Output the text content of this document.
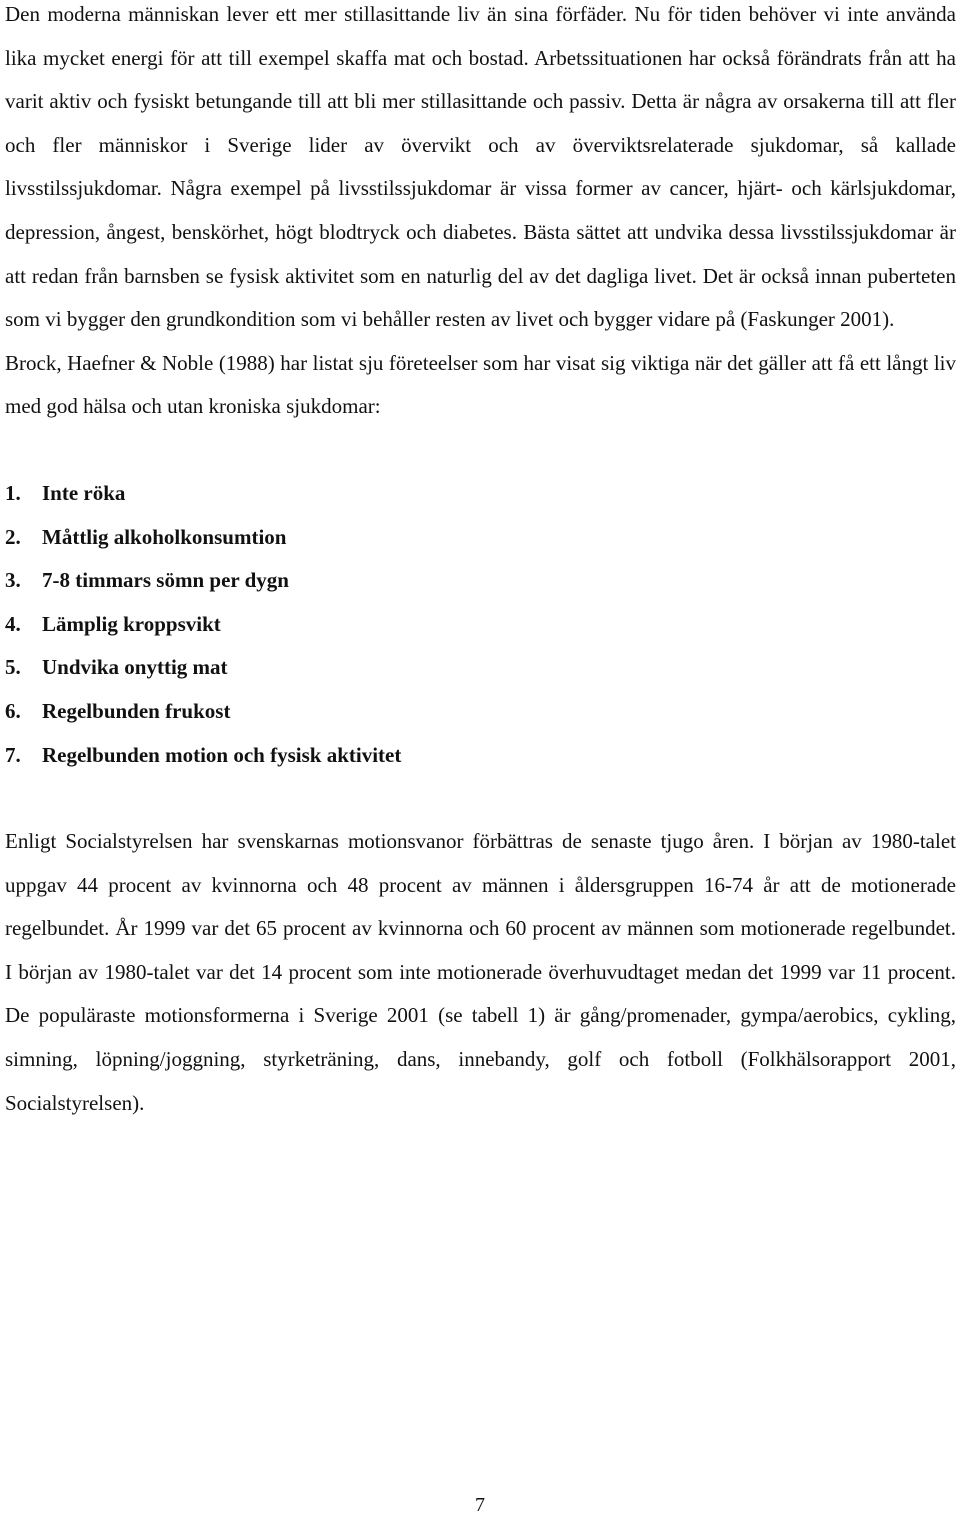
Den moderna människan lever ett mer stillasittande liv än sina förfäder. Nu för tiden behöver vi inte använda lika mycket energi för att till exempel skaffa mat och bostad. Arbetssituationen har också förändrats från att ha varit aktiv och fysiskt betungande till att bli mer stillasittande och passiv. Detta är några av orsakerna till att fler och fler människor i Sverige lider av övervikt och av överviktsrelaterade sjukdomar, så kallade livsstilssjukdomar. Några exempel på livsstilssjukdomar är vissa former av cancer, hjärt- och kärlsjukdomar, depression, ångest, benskörhet, högt blodtryck och diabetes. Bästa sättet att undvika dessa livsstilssjukdomar är att redan från barnsben se fysisk aktivitet som en naturlig del av det dagliga livet. Det är också innan puberteten som vi bygger den grundkondition som vi behåller resten av livet och bygger vidare på (Faskunger 2001).

Brock, Haefner & Noble (1988) har listat sju företeelser som har visat sig viktiga när det gäller att få ett långt liv med god hälsa och utan kroniska sjukdomar:

1.	Inte röka
2.	Måttlig alkoholkonsumtion
3.	7-8 timmars sömn per dygn
4.	Lämplig kroppsvikt
5.	Undvika onyttig mat
6.	Regelbunden frukost
7.	Regelbunden motion och fysisk aktivitet

Enligt Socialstyrelsen har svenskarnas motionsvanor förbättras de senaste tjugo åren. I början av 1980-talet uppgav 44 procent av kvinnorna och 48 procent av männen i åldersgruppen 16-74 år att de motionerade regelbundet. År 1999 var det 65 procent av kvinnorna och 60 procent av männen som motionerade regelbundet. I början av 1980-talet var det 14 procent som inte motionerade överhuvudtaget medan det 1999 var 11 procent. De populäraste motionsformerna i Sverige 2001 (se tabell 1) är gång/promenader, gympa/aerobics, cykling, simning, löpning/joggning, styrketräning, dans, innebandy, golf och fotboll (Folkhälsorapport 2001, Socialstyrelsen).

7
